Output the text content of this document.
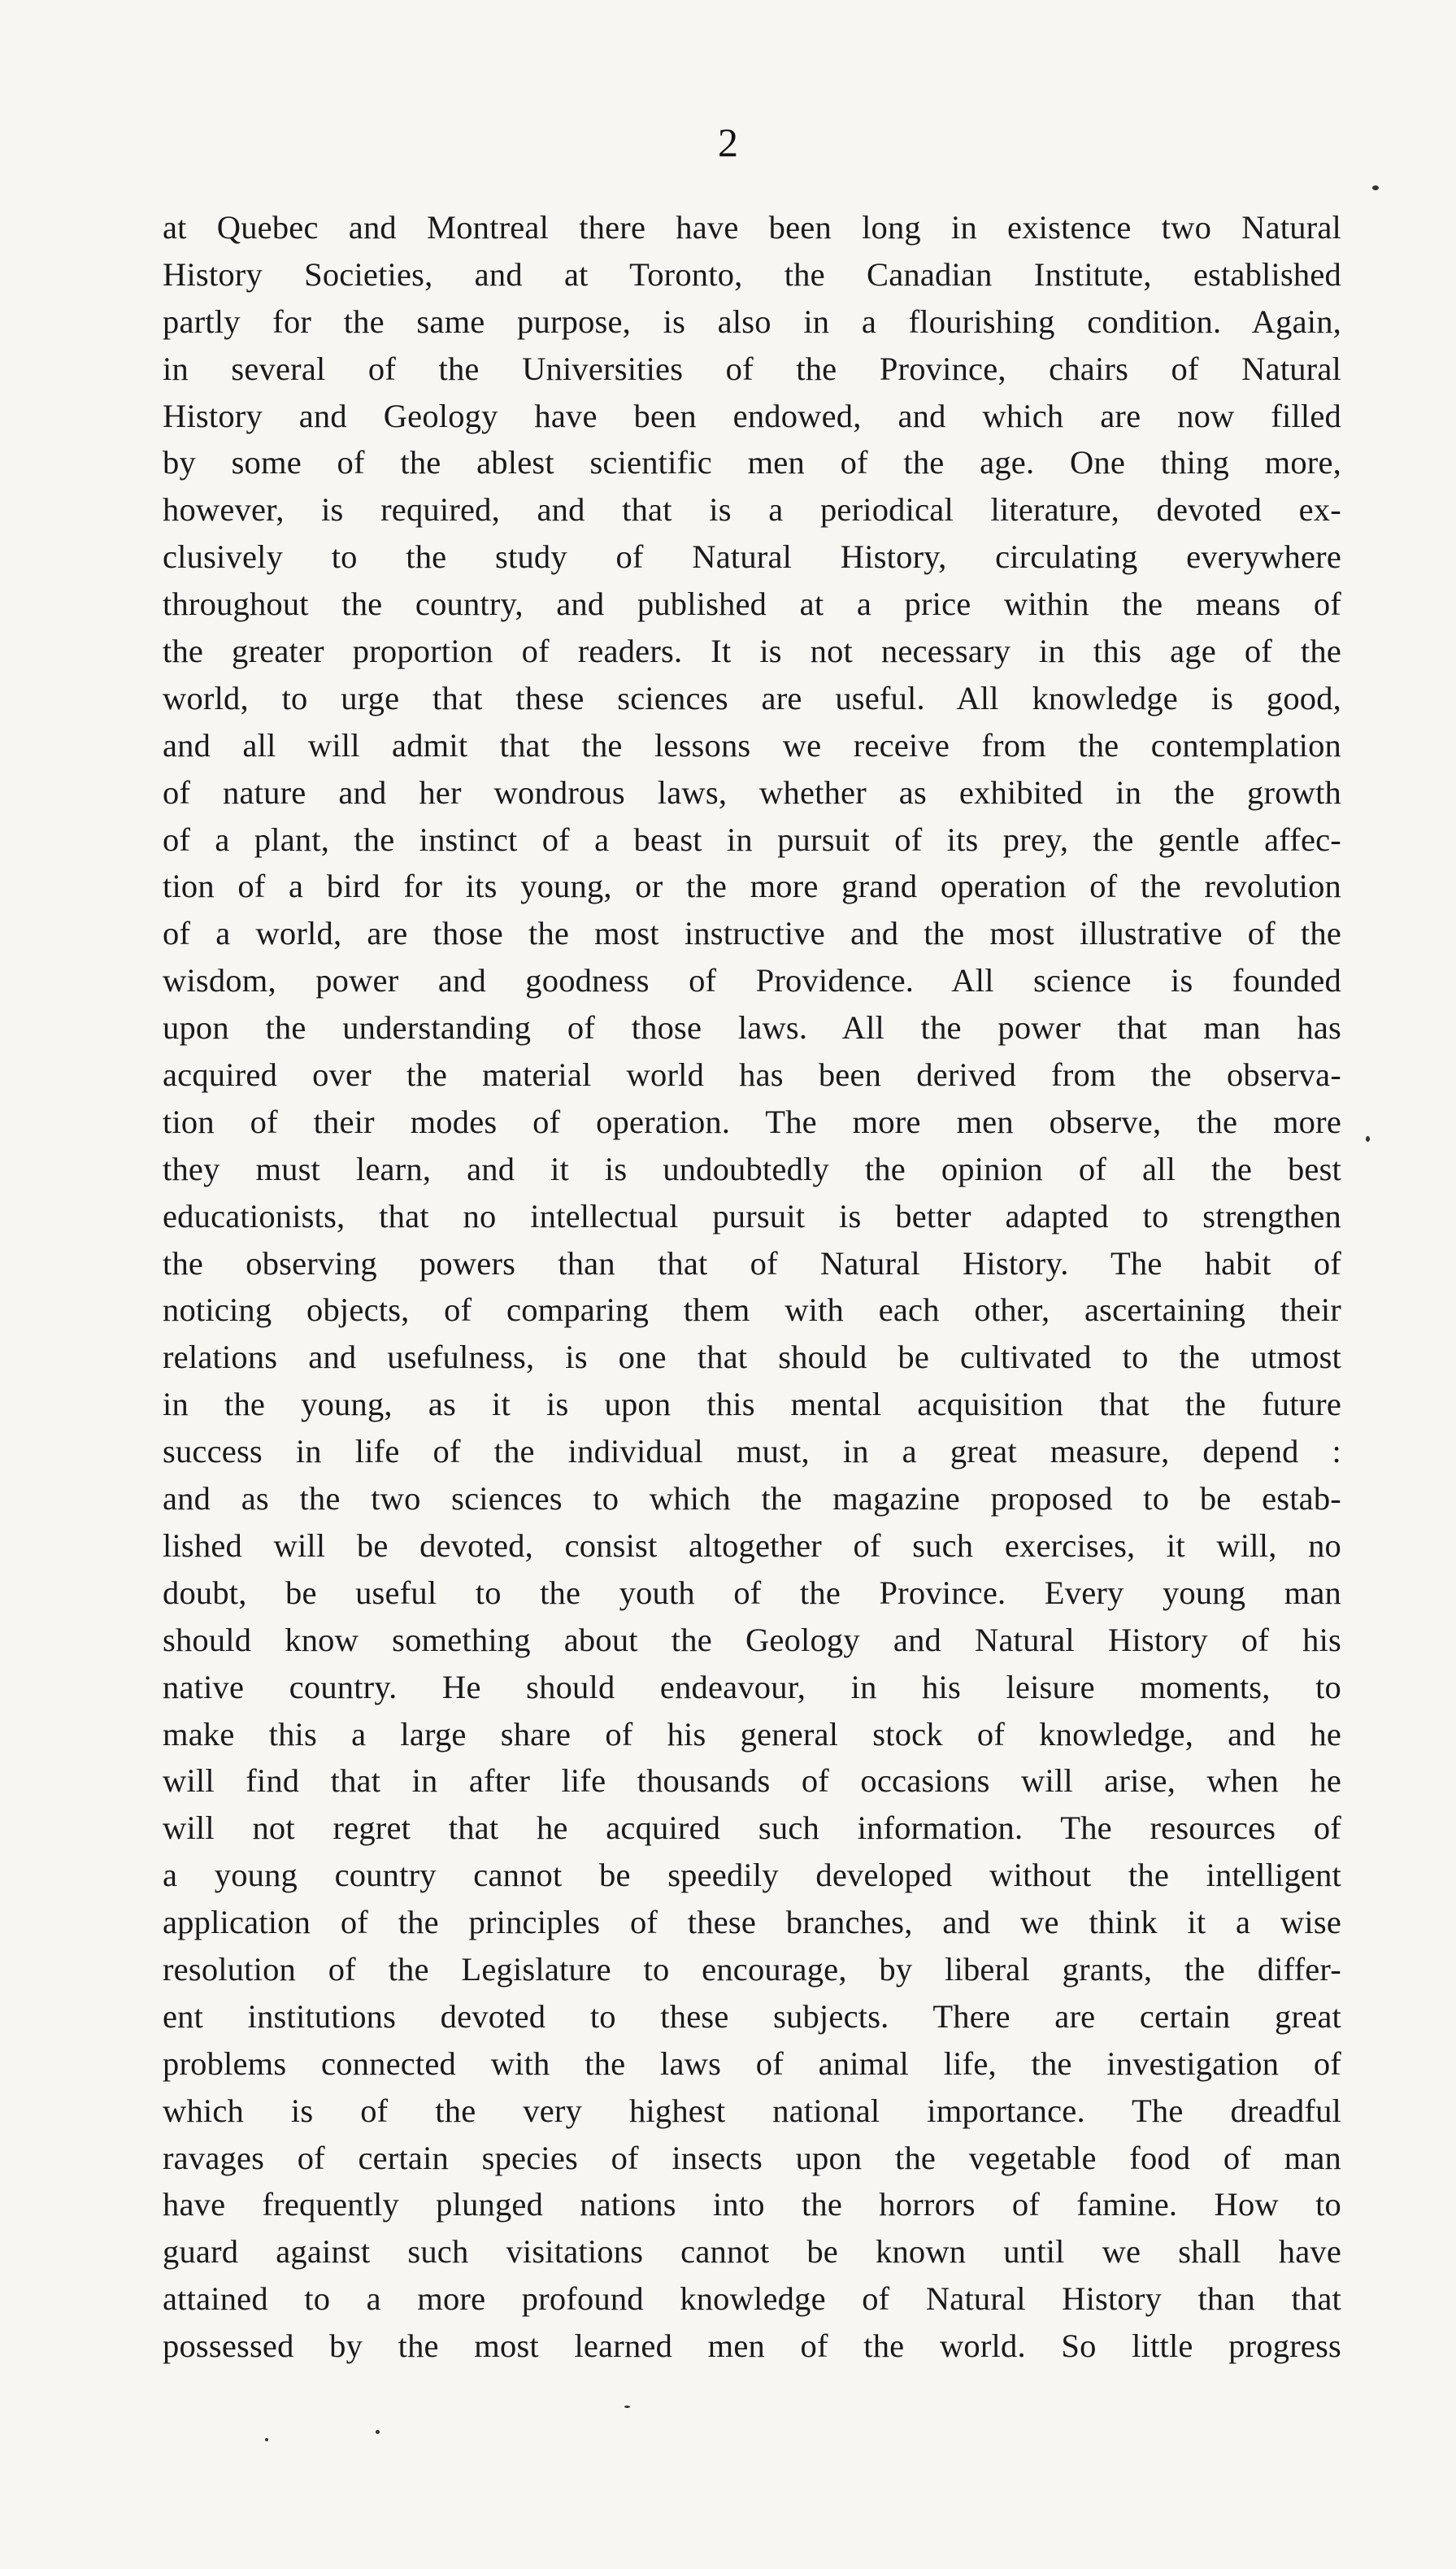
2
at Quebec and Montreal there have been long in existence two Natural
History Societies, and at Toronto, the Canadian Institute, established
partly for the same purpose, is also in a flourishing condition. Again,
in several of the Universities of the Province, chairs of Natural
History and Geology have been endowed, and which are now filled
by some of the ablest scientific men of the age. One thing more,
however, is required, and that is a periodical literature, devoted ex-
clusively to the study of Natural History, circulating everywhere
throughout the country, and published at a price within the means of
the greater proportion of readers. It is not necessary in this age of the
world, to urge that these sciences are useful. All knowledge is good,
and all will admit that the lessons we receive from the contemplation
of nature and her wondrous laws, whether as exhibited in the growth
of a plant, the instinct of a beast in pursuit of its prey, the gentle affec-
tion of a bird for its young, or the more grand operation of the revolution
of a world, are those the most instructive and the most illustrative of the
wisdom, power and goodness of Providence. All science is founded
upon the understanding of those laws. All the power that man has
acquired over the material world has been derived from the observa-
tion of their modes of operation. The more men observe, the more
they must learn, and it is undoubtedly the opinion of all the best
educationists, that no intellectual pursuit is better adapted to strengthen
the observing powers than that of Natural History. The habit of
noticing objects, of comparing them with each other, ascertaining their
relations and usefulness, is one that should be cultivated to the utmost
in the young, as it is upon this mental acquisition that the future
success in life of the individual must, in a great measure, depend :
and as the two sciences to which the magazine proposed to be estab-
lished will be devoted, consist altogether of such exercises, it will, no
doubt, be useful to the youth of the Province. Every young man
should know something about the Geology and Natural History of his
native country. He should endeavour, in his leisure moments, to
make this a large share of his general stock of knowledge, and he
will find that in after life thousands of occasions will arise, when he
will not regret that he acquired such information. The resources of
a young country cannot be speedily developed without the intelligent
application of the principles of these branches, and we think it a wise
resolution of the Legislature to encourage, by liberal grants, the differ-
ent institutions devoted to these subjects. There are certain great
problems connected with the laws of animal life, the investigation of
which is of the very highest national importance. The dreadful
ravages of certain species of insects upon the vegetable food of man
have frequently plunged nations into the horrors of famine. How to
guard against such visitations cannot be known until we shall have
attained to a more profound knowledge of Natural History than that
possessed by the most learned men of the world. So little progress
